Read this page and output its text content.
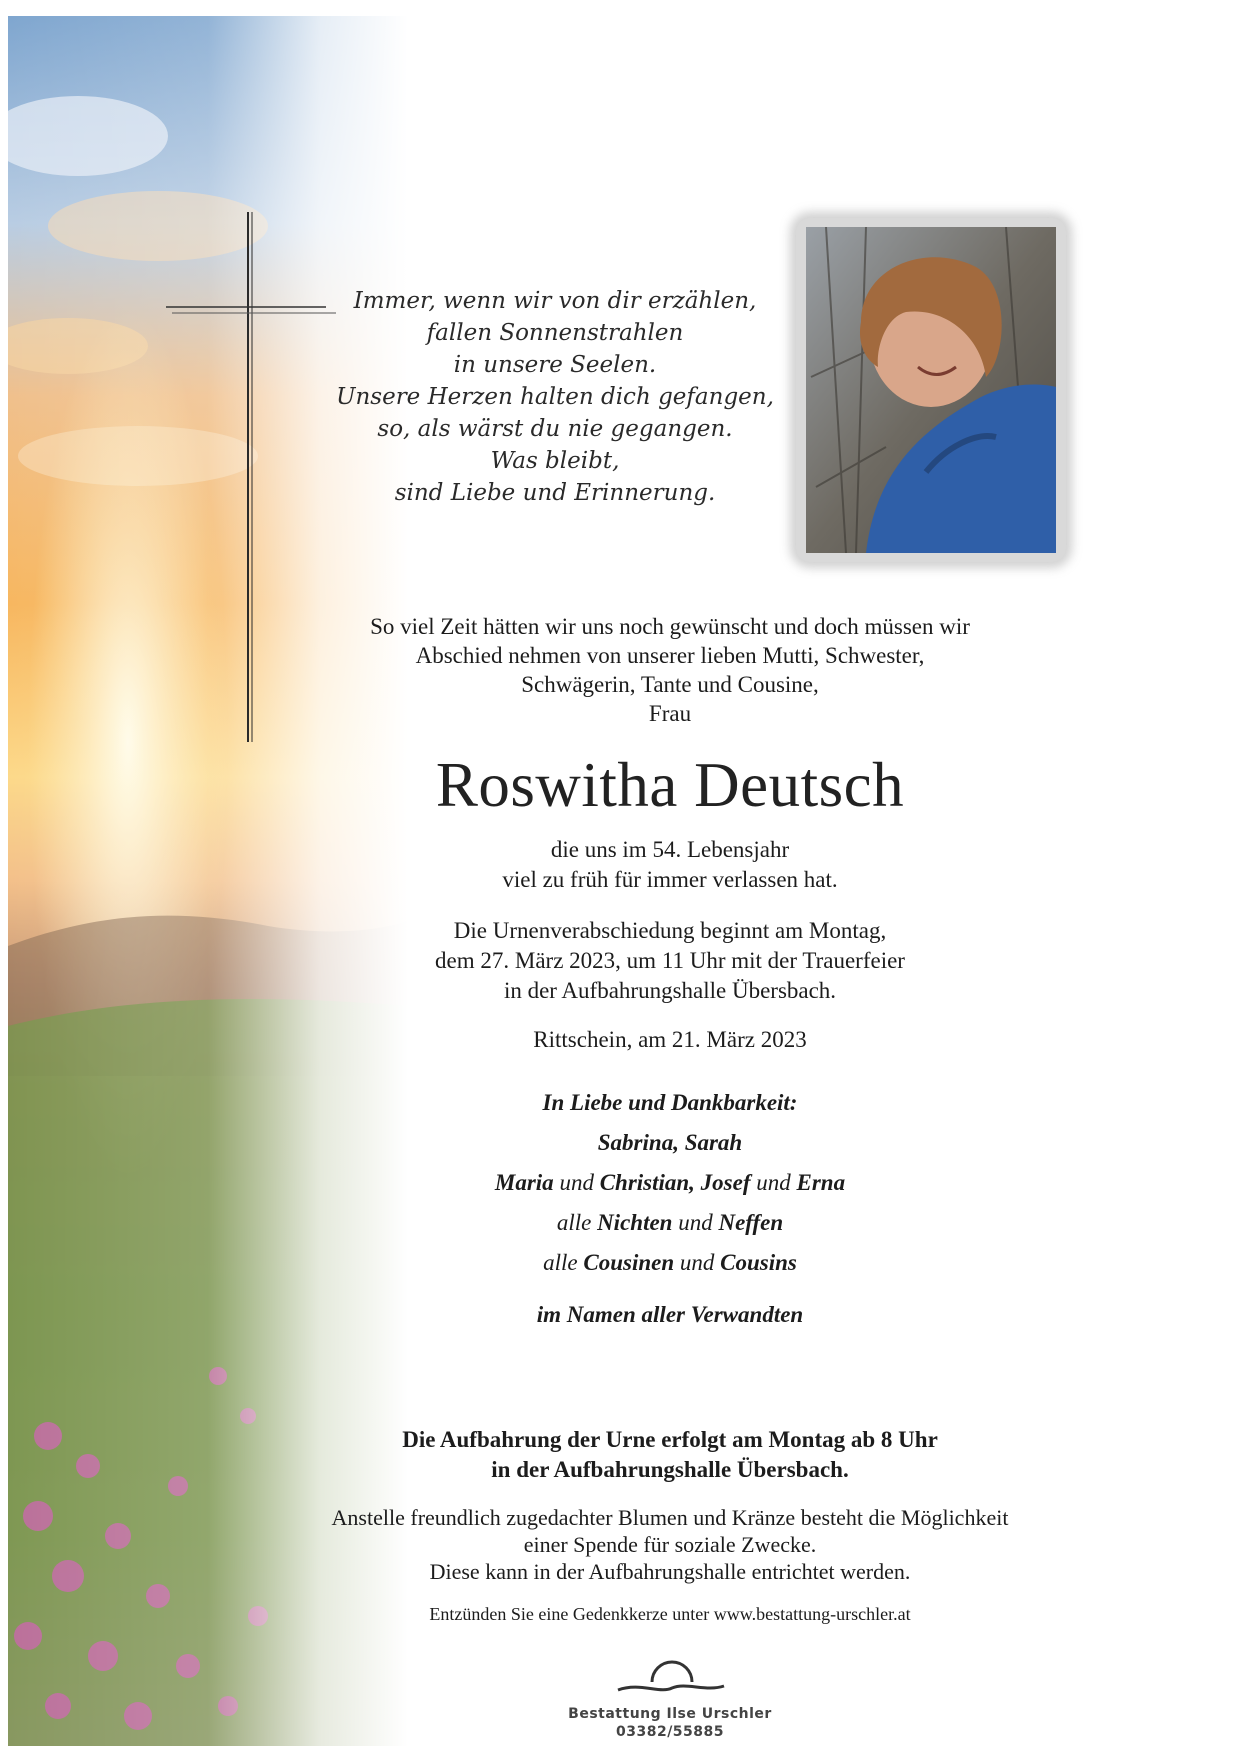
Immer, wenn wir von dir erzählen,
fallen Sonnenstrahlen
in unsere Seelen.
Unsere Herzen halten dich gefangen,
so, als wärst du nie gegangen.
Was bleibt,
sind Liebe und Erinnerung.
So viel Zeit hätten wir uns noch gewünscht und doch müssen wir
Abschied nehmen von unserer lieben Mutti, Schwester,
Schwägerin, Tante und Cousine,
Frau
Roswitha Deutsch
die uns im 54. Lebensjahr
viel zu früh für immer verlassen hat.
Die Urnenverabschiedung beginnt am Montag,
dem 27. März 2023, um 11 Uhr mit der Trauerfeier
in der Aufbahrungshalle Übersbach.
Rittschein, am 21. März 2023
In Liebe und Dankbarkeit:
Sabrina, Sarah
Maria und Christian, Josef und Erna
alle Nichten und Neffen
alle Cousinen und Cousins
im Namen aller Verwandten
Die Aufbahrung der Urne erfolgt am Montag ab 8 Uhr
in der Aufbahrungshalle Übersbach.
Anstelle freundlich zugedachter Blumen und Kränze besteht die Möglichkeit
einer Spende für soziale Zwecke.
Diese kann in der Aufbahrungshalle entrichtet werden.
Entzünden Sie eine Gedenkkerze unter www.bestattung-urschler.at
Bestattung Ilse Urschler
03382/55885
